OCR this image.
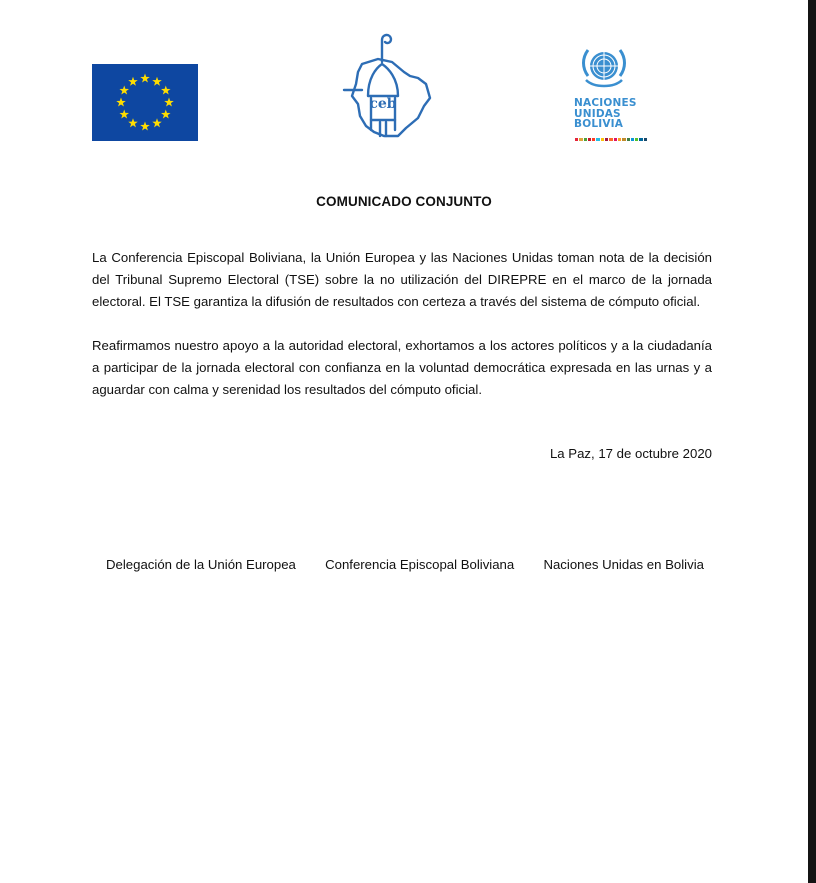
ceb	NACIONES
UNIDAS
BOLIVIA
COMUNICADO CONJUNTO

La Conferencia Episcopal Boliviana, la Unión Europea y las Naciones Unidas toman nota de la decisión del Tribunal Supremo Electoral (TSE) sobre la no utilización del DIREPRE en el marco de la jornada electoral. El TSE garantiza la difusión de resultados con certeza a través del sistema de cómputo oficial.

Reafirmamos nuestro apoyo a la autoridad electoral, exhortamos a los actores políticos y a la ciudadanía a participar de la jornada electoral con confianza en la voluntad democrática expresada en las urnas y a aguardar con calma y serenidad los resultados del cómputo oficial.

La Paz, 17 de octubre 2020
Delegación de la Unión Europea Conferencia Episcopal Boliviana Naciones Unidas en Bolivia
